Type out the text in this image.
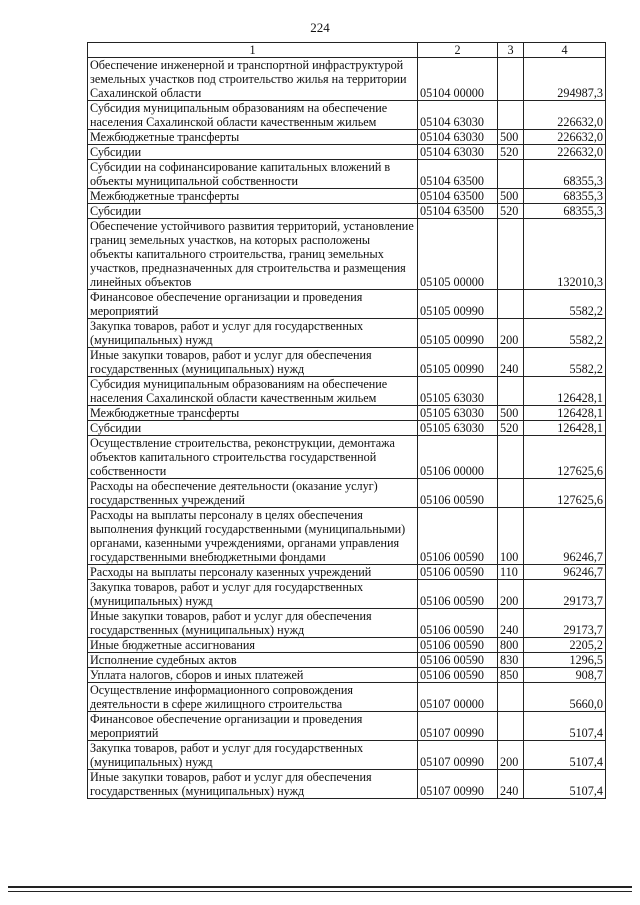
224
1	2	3	4
Обеспечение инженерной и транспортной инфраструктурой земельных участков под строительство жилья на территории Сахалинской области	05104 00000		294987,3
Субсидия муниципальным образованиям на обеспечение населения Сахалинской области качественным жильем	05104 63030		226632,0
Межбюджетные трансферты	05104 63030	500	226632,0
Субсидии	05104 63030	520	226632,0
Субсидии на софинансирование капитальных вложений в объекты муниципальной собственности	05104 63500		68355,3
Межбюджетные трансферты	05104 63500	500	68355,3
Субсидии	05104 63500	520	68355,3
Обеспечение устойчивого развития территорий, установление границ земельных участков, на которых расположены объекты капитального строительства, границ земельных участков, предназначенных для строительства и размещения линейных объектов	05105 00000		132010,3
Финансовое обеспечение организации и проведения мероприятий	05105 00990		5582,2
Закупка товаров, работ и услуг для государственных (муниципальных) нужд	05105 00990	200	5582,2
Иные закупки товаров, работ и услуг для обеспечения государственных (муниципальных) нужд	05105 00990	240	5582,2
Субсидия муниципальным образованиям на обеспечение населения Сахалинской области качественным жильем	05105 63030		126428,1
Межбюджетные трансферты	05105 63030	500	126428,1
Субсидии	05105 63030	520	126428,1
Осуществление строительства, реконструкции, демонтажа объектов капитального строительства государственной собственности	05106 00000		127625,6
Расходы на обеспечение деятельности (оказание услуг) государственных учреждений	05106 00590		127625,6
Расходы на выплаты персоналу в целях обеспечения выполнения функций государственными (муниципальными) органами, казенными учреждениями, органами управления государственными внебюджетными фондами	05106 00590	100	96246,7
Расходы на выплаты персоналу казенных учреждений	05106 00590	110	96246,7
Закупка товаров, работ и услуг для государственных (муниципальных) нужд	05106 00590	200	29173,7
Иные закупки товаров, работ и услуг для обеспечения государственных (муниципальных) нужд	05106 00590	240	29173,7
Иные бюджетные ассигнования	05106 00590	800	2205,2
Исполнение судебных актов	05106 00590	830	1296,5
Уплата налогов, сборов и иных платежей	05106 00590	850	908,7
Осуществление информационного сопровождения деятельности в сфере жилищного строительства	05107 00000		5660,0
Финансовое обеспечение организации и проведения мероприятий	05107 00990		5107,4
Закупка товаров, работ и услуг для государственных (муниципальных) нужд	05107 00990	200	5107,4
Иные закупки товаров, работ и услуг для обеспечения государственных (муниципальных) нужд	05107 00990	240	5107,4
